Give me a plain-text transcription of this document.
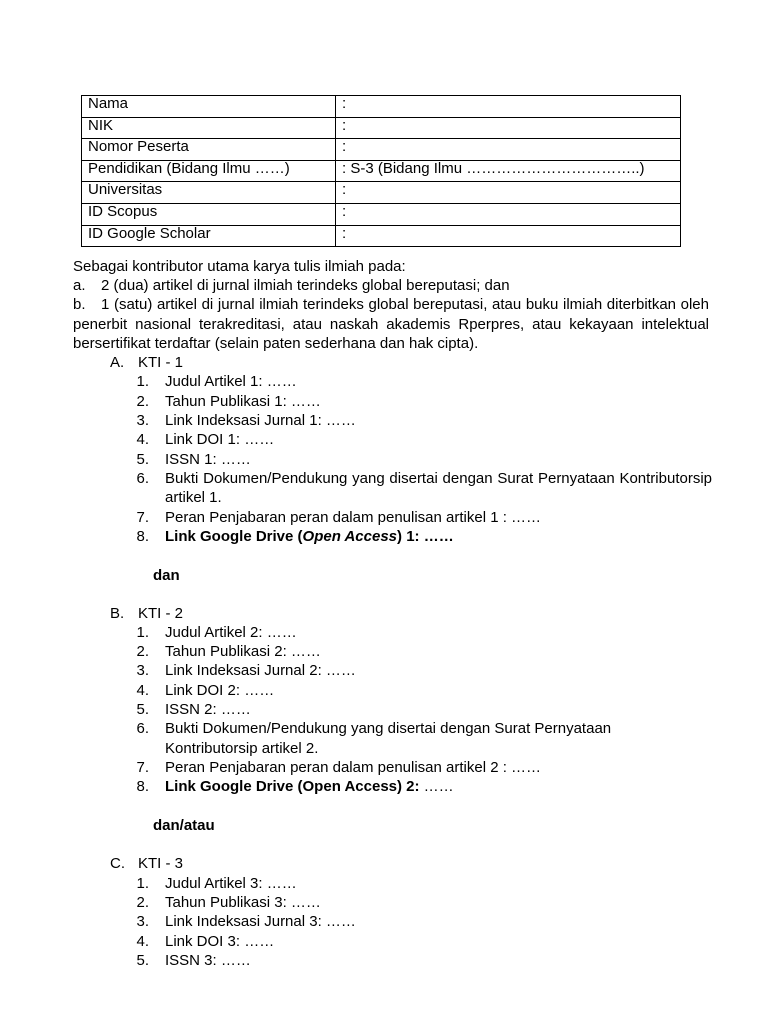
Nama	:
NIK	:
Nomor Peserta	:
Pendidikan (Bidang Ilmu ……)	: S-3 (Bidang Ilmu ……………………………..)
Universitas	:
ID Scopus	:
ID Google Scholar	:
Sebagai kontributor utama karya tulis ilmiah pada:
a. 2 (dua) artikel di jurnal ilmiah terindeks global bereputasi; dan
b.	1 (satu) artikel di jurnal ilmiah terindeks global bereputasi, atau buku ilmiah diterbitkan oleh penerbit nasional terakreditasi, atau naskah akademis Rperpres, atau kekayaan intelektual bersertifikat terdaftar (selain paten sederhana dan hak cipta).
A. KTI - 1
1. Judul Artikel 1: ……
2. Tahun Publikasi 1: ……
3. Link Indeksasi Jurnal 1: ……
4. Link DOI 1: ……
5. ISSN 1: ……
6. Bukti Dokumen/Pendukung yang disertai dengan Surat Pernyataan Kontributorsip artikel 1.
7. Peran Penjabaran peran dalam penulisan artikel 1 : ……
8. Link Google Drive (Open Access) 1: ……
dan
B. KTI - 2
1. Judul Artikel 2: ……
2. Tahun Publikasi 2: ……
3. Link Indeksasi Jurnal 2: ……
4. Link DOI 2: ……
5. ISSN 2: ……
6. Bukti Dokumen/Pendukung yang disertai dengan Surat Pernyataan
Kontributorsip artikel 2.
7. Peran Penjabaran peran dalam penulisan artikel 2 : ……
8. Link Google Drive (Open Access) 2: ……
dan/atau
C. KTI - 3
1. Judul Artikel 3: ……
2. Tahun Publikasi 3: ……
3. Link Indeksasi Jurnal 3: ……
4. Link DOI 3: ……
5. ISSN 3: ……
